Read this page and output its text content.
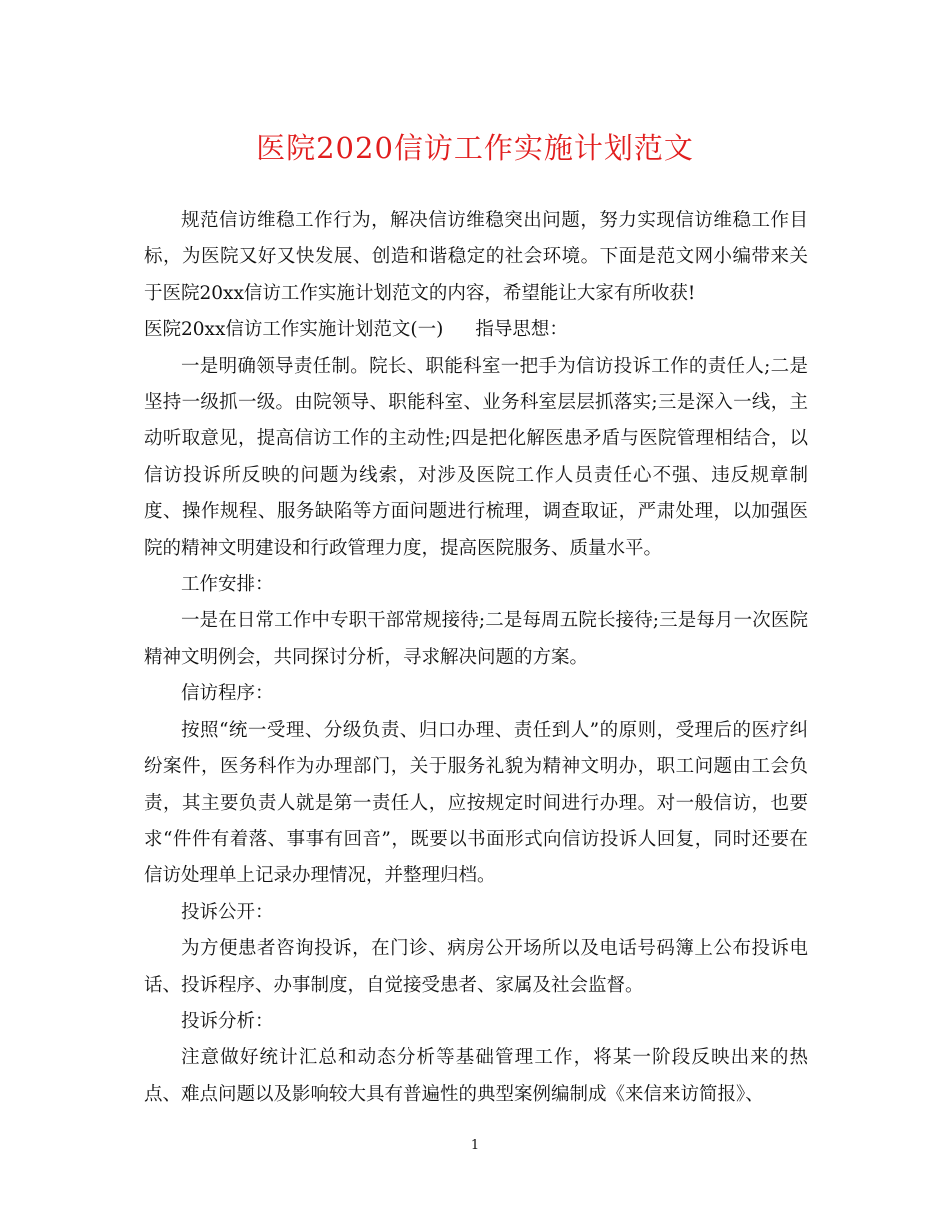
医院2020信访工作实施计划范文

规范信访维稳工作行为，解决信访维稳突出问题，努力实现信访维稳工作目标，为医院又好又快发展、创造和谐稳定的社会环境。下面是范文网小编带来关于医院20xx信访工作实施计划范文的内容，希望能让大家有所收获!

医院20xx信访工作实施计划范文(一) 指导思想：

一是明确领导责任制。院长、职能科室一把手为信访投诉工作的责任人;二是坚持一级抓一级。由院领导、职能科室、业务科室层层抓落实;三是深入一线，主动听取意见，提高信访工作的主动性;四是把化解医患矛盾与医院管理相结合，以信访投诉所反映的问题为线索，对涉及医院工作人员责任心不强、违反规章制度、操作规程、服务缺陷等方面问题进行梳理，调查取证，严肃处理，以加强医院的精神文明建设和行政管理力度，提高医院服务、质量水平。

工作安排：

一是在日常工作中专职干部常规接待;二是每周五院长接待;三是每月一次医院精神文明例会，共同探讨分析，寻求解决问题的方案。

信访程序：

按照“统一受理、分级负责、归口办理、责任到人”的原则，受理后的医疗纠纷案件，医务科作为办理部门，关于服务礼貌为精神文明办，职工问题由工会负责，其主要负责人就是第一责任人，应按规定时间进行办理。对一般信访，也要求“件件有着落、事事有回音”，既要以书面形式向信访投诉人回复，同时还要在信访处理单上记录办理情况，并整理归档。

投诉公开：

为方便患者咨询投诉，在门诊、病房公开场所以及电话号码簿上公布投诉电话、投诉程序、办事制度，自觉接受患者、家属及社会监督。

投诉分析：

注意做好统计汇总和动态分析等基础管理工作，将某一阶段反映出来的热点、难点问题以及影响较大具有普遍性的典型案例编制成《来信来访简报》、

1
